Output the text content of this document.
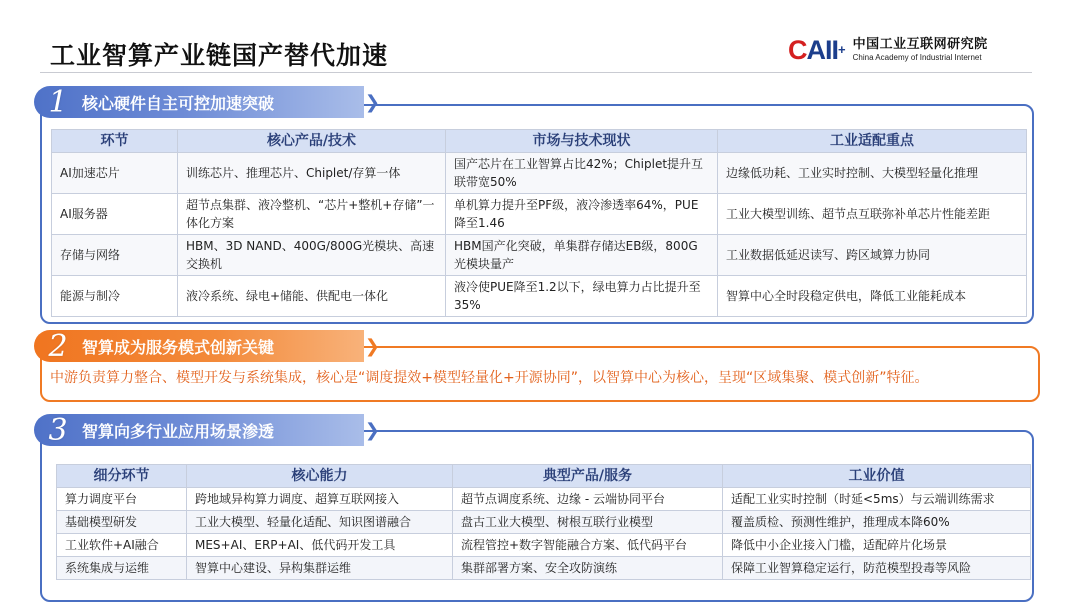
工业智算产业链国产替代加速	CAII+ 中国工业互联网研究院
China Academy of Industrial Internet
1 核心硬件自主可控加速突破	❯
环节	核心产品/技术	市场与技术现状	工业适配重点
AI加速芯片	训练芯片、推理芯片、Chiplet/存算一体	国产芯片在工业智算占比42%；Chiplet提升互联带宽50%	边缘低功耗、工业实时控制、大模型轻量化推理
AI服务器	超节点集群、液冷整机、“芯片+整机+存储”一体化方案	单机算力提升至PF级，液冷渗透率64%，PUE降至1.46	工业大模型训练、超节点互联弥补单芯片性能差距
存储与网络	HBM、3D NAND、400G/800G光模块、高速交换机	HBM国产化突破，单集群存储达EB级，800G光模块量产	工业数据低延迟读写、跨区域算力协同
能源与制冷	液冷系统、绿电+储能、供配电一体化	液冷使PUE降至1.2以下，绿电算力占比提升至35%	智算中心全时段稳定供电，降低工业能耗成本
2 智算成为服务模式创新关键	❯
中游负责算力整合、模型开发与系统集成，核心是“调度提效+模型轻量化+开源协同”，以智算中心为核心，呈现“区域集聚、模式创新”特征。
3 智算向多行业应用场景渗透	❯
细分环节	核心能力	典型产品/服务	工业价值
算力调度平台	跨地域异构算力调度、超算互联网接入	超节点调度系统、边缘 - 云端协同平台	适配工业实时控制（时延<5ms）与云端训练需求
基础模型研发	工业大模型、轻量化适配、知识图谱融合	盘古工业大模型、树根互联行业模型	覆盖质检、预测性维护，推理成本降60%
工业软件+AI融合	MES+AI、ERP+AI、低代码开发工具	流程管控+数字智能融合方案、低代码平台	降低中小企业接入门槛，适配碎片化场景
系统集成与运维	智算中心建设、异构集群运维	集群部署方案、安全攻防演练	保障工业智算稳定运行，防范模型投毒等风险
